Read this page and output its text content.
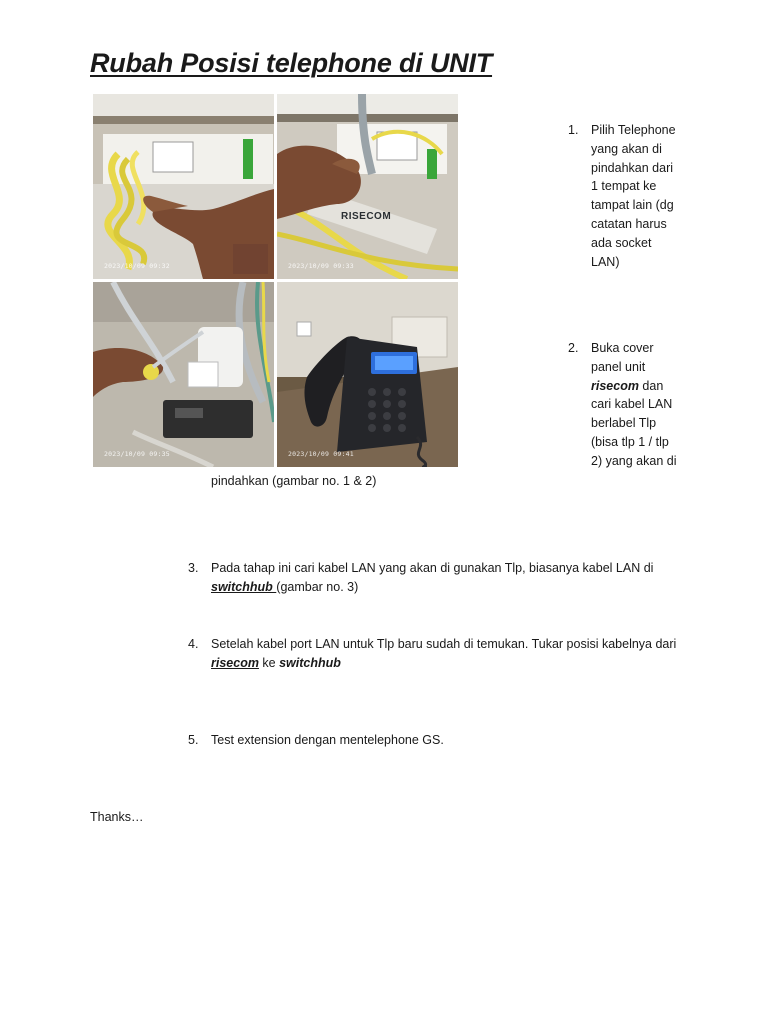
Rubah Posisi telephone di UNIT
2023/10/09 09:32
RISECOM
2023/10/09 09:33
2023/10/09 09:35	2023/10/09 09:41
1. Pilih Telephone yang akan di pindahkan dari 1 tempat ke tampat lain (dg catatan harus ada socket LAN)
2. Buka cover panel unit risecom dan cari kabel LAN berlabel Tlp (bisa tlp 1 / tlp 2) yang akan di
pindahkan (gambar no. 1 & 2)
3. Pada tahap ini cari kabel LAN yang akan di gunakan Tlp, biasanya kabel LAN di
switchhub (gambar no. 3)
4. Setelah kabel port LAN untuk Tlp baru sudah di temukan. Tukar posisi kabelnya dari
risecom ke switchhub
5. Test extension dengan mentelephone GS.
Thanks…
